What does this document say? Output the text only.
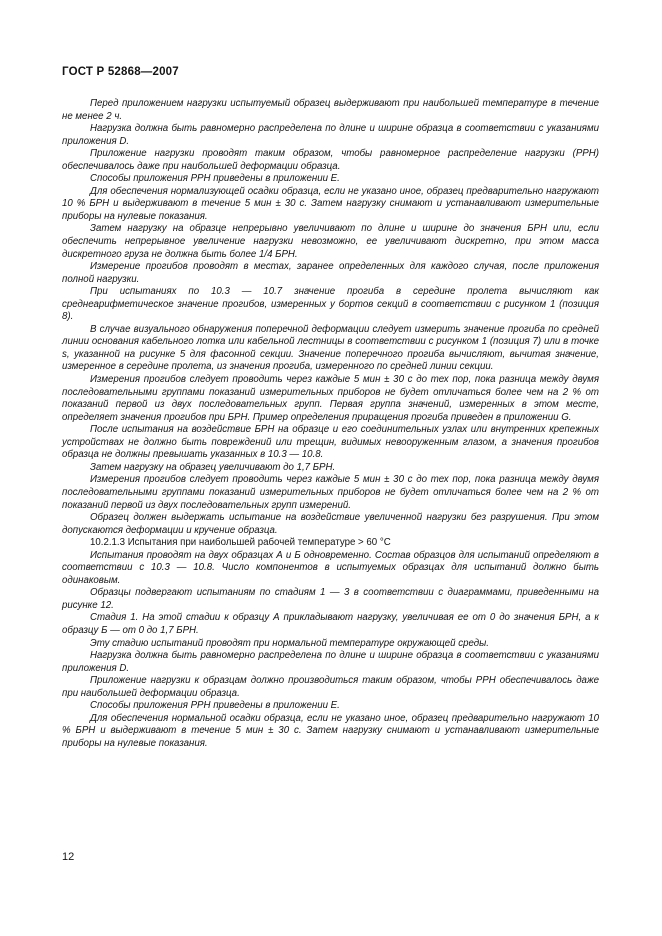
ГОСТ Р 52868—2007

Перед приложением нагрузки испытуемый образец выдерживают при наибольшей температуре в течение не менее 2 ч.

Нагрузка должна быть равномерно распределена по длине и ширине образца в соответствии с указаниями приложения D.

Приложение нагрузки проводят таким образом, чтобы равномерное распределение нагрузки (РРН) обеспечивалось даже при наибольшей деформации образца.

Способы приложения РРН приведены в приложении Е.

Для обеспечения нормализующей осадки образца, если не указано иное, образец предварительно нагружают 10 % БРН и выдерживают в течение 5 мин ± 30 с. Затем нагрузку снимают и устанавливают измерительные приборы на нулевые показания.

Затем нагрузку на образце непрерывно увеличивают по длине и ширине до значения БРН или, если обеспечить непрерывное увеличение нагрузки невозможно, ее увеличивают дискретно, при этом масса дискретного груза не должна быть более 1/4 БРН.

Измерение прогибов проводят в местах, заранее определенных для каждого случая, после приложения полной нагрузки.

При испытаниях по 10.3 — 10.7 значение прогиба в середине пролета вычисляют как среднеарифметическое значение прогибов, измеренных у бортов секций в соответствии с рисунком 1 (позиция 8).

В случае визуального обнаружения поперечной деформации следует измерить значение прогиба по средней линии основания кабельного лотка или кабельной лестницы в соответствии с рисунком 1 (позиция 7) или в точке s, указанной на рисунке 5 для фасонной секции. Значение поперечного прогиба вычисляют, вычитая значение, измеренное в середине пролета, из значения прогиба, измеренного по средней линии секции.

Измерения прогибов следует проводить через каждые 5 мин ± 30 с до тех пор, пока разница между двумя последовательными группами показаний измерительных приборов не будет отличаться более чем на 2 % от показаний первой из двух последовательных групп. Первая группа значений, измеренных в этом месте, определяет значения прогибов при БРН. Пример определения приращения прогиба приведен в приложении G.

После испытания на воздействие БРН на образце и его соединительных узлах или внутренних крепежных устройствах не должно быть повреждений или трещин, видимых невооруженным глазом, а значения прогибов образца не должны превышать указанных в 10.3 — 10.8.

Затем нагрузку на образец увеличивают до 1,7 БРН.

Измерения прогибов следует проводить через каждые 5 мин ± 30 с до тех пор, пока разница между двумя последовательными группами показаний измерительных приборов не будет отличаться более чем на 2 % от показаний первой из двух последовательных групп измерений.

Образец должен выдержать испытание на воздействие увеличенной нагрузки без разрушения. При этом допускаются деформации и кручение образца.

10.2.1.3 Испытания при наибольшей рабочей температуре > 60 °С

Испытания проводят на двух образцах А и Б одновременно. Состав образцов для испытаний определяют в соответствии с 10.3 — 10.8. Число компонентов в испытуемых образцах для испытаний должно быть одинаковым.

Образцы подвергают испытаниям по стадиям 1 — 3 в соответствии с диаграммами, приведенными на рисунке 12.

Стадия 1. На этой стадии к образцу А прикладывают нагрузку, увеличивая ее от 0 до значения БРН, а к образцу Б — от 0 до 1,7 БРН.

Эту стадию испытаний проводят при нормальной температуре окружающей среды.

Нагрузка должна быть равномерно распределена по длине и ширине образца в соответствии с указаниями приложения D.

Приложение нагрузки к образцам должно производиться таким образом, чтобы РРН обеспечивалось даже при наибольшей деформации образца.

Способы приложения РРН приведены в приложении Е.

Для обеспечения нормальной осадки образца, если не указано иное, образец предварительно нагружают 10 % БРН и выдерживают в течение 5 мин ± 30 с. Затем нагрузку снимают и устанавливают измерительные приборы на нулевые показания.

12
